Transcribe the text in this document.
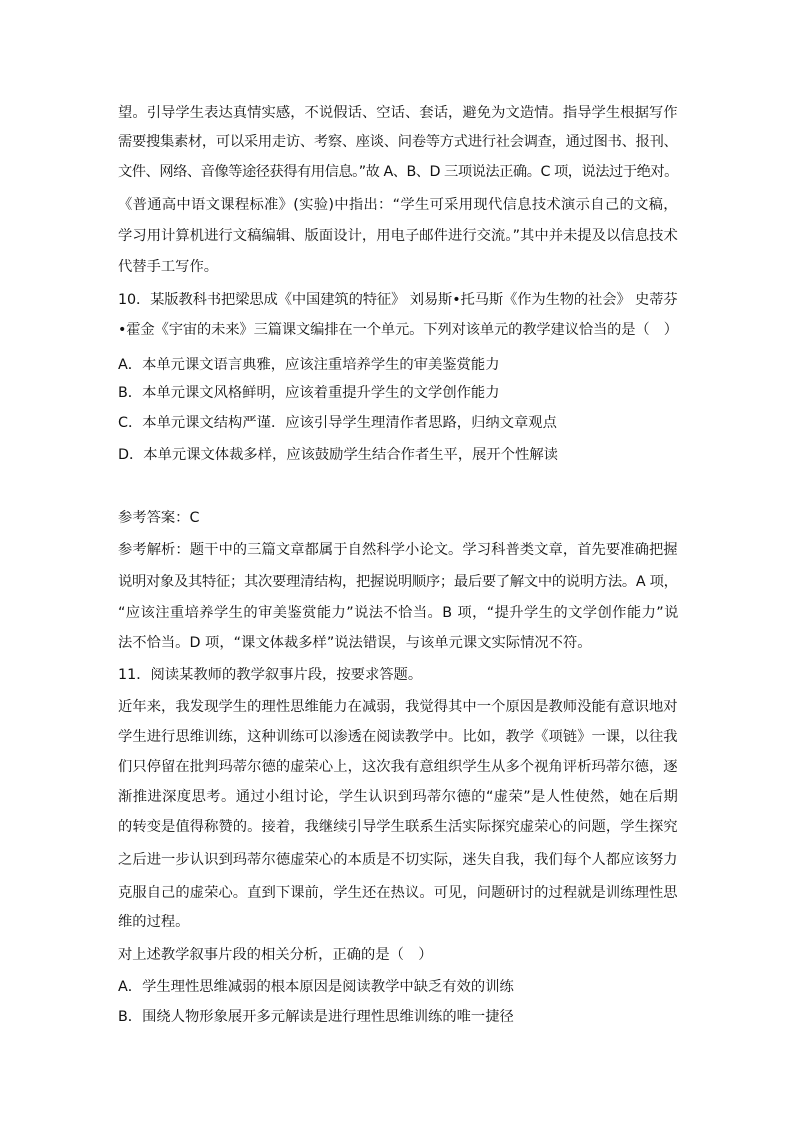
望。引导学生表达真情实感，不说假话、空话、套话，避免为文造情。指导学生根据写作
需要搜集素材，可以采用走访、考察、座谈、问卷等方式进行社会调查，通过图书、报刊、
文件、网络、音像等途径获得有用信息。”故 A、B、D 三项说法正确。C 项，说法过于绝对。
《普通高中语文课程标准》(实验)中指出：“学生可采用现代信息技术演示自己的文稿，
学习用计算机进行文稿编辑、版面设计，用电子邮件进行交流。”其中并未提及以信息技术
代替手工写作。
10．某版教科书把梁思成《中国建筑的特征》 刘易斯•托马斯《作为生物的社会》 史蒂芬
•霍金《宇宙的未来》三篇课文编排在一个单元。下列对该单元的教学建议恰当的是（　）
A．本单元课文语言典雅，应该注重培养学生的审美鉴赏能力
B．本单元课文风格鲜明，应该着重提升学生的文学创作能力
C．本单元课文结构严谨．应该引导学生理清作者思路，归纳文章观点
D．本单元课文体裁多样，应该鼓励学生结合作者生平，展开个性解读
参考答案：C
参考解析：题干中的三篇文章都属于自然科学小论文。学习科普类文章，首先要准确把握
说明对象及其特征；其次要理清结构，把握说明顺序；最后要了解文中的说明方法。A 项，
“应该注重培养学生的审美鉴赏能力”说法不恰当。B 项，“提升学生的文学创作能力”说
法不恰当。D 项，“课文体裁多样”说法错误，与该单元课文实际情况不符。
11．阅读某教师的教学叙事片段，按要求答题。
近年来，我发现学生的理性思维能力在减弱，我觉得其中一个原因是教师没能有意识地对
学生进行思维训练，这种训练可以渗透在阅读教学中。比如，教学《项链》一课，以往我
们只停留在批判玛蒂尔德的虚荣心上，这次我有意组织学生从多个视角评析玛蒂尔德，逐
渐推进深度思考。通过小组讨论，学生认识到玛蒂尔德的“虚荣”是人性使然，她在后期
的转变是值得称赞的。接着，我继续引导学生联系生活实际探究虚荣心的问题，学生探究
之后进一步认识到玛蒂尔德虚荣心的本质是不切实际，迷失自我，我们每个人都应该努力
克服自己的虚荣心。直到下课前，学生还在热议。可见，问题研讨的过程就是训练理性思
维的过程。
对上述教学叙事片段的相关分析，正确的是（　）
A．学生理性思维减弱的根本原因是阅读教学中缺乏有效的训练
B．围绕人物形象展开多元解读是进行理性思维训练的唯一捷径
